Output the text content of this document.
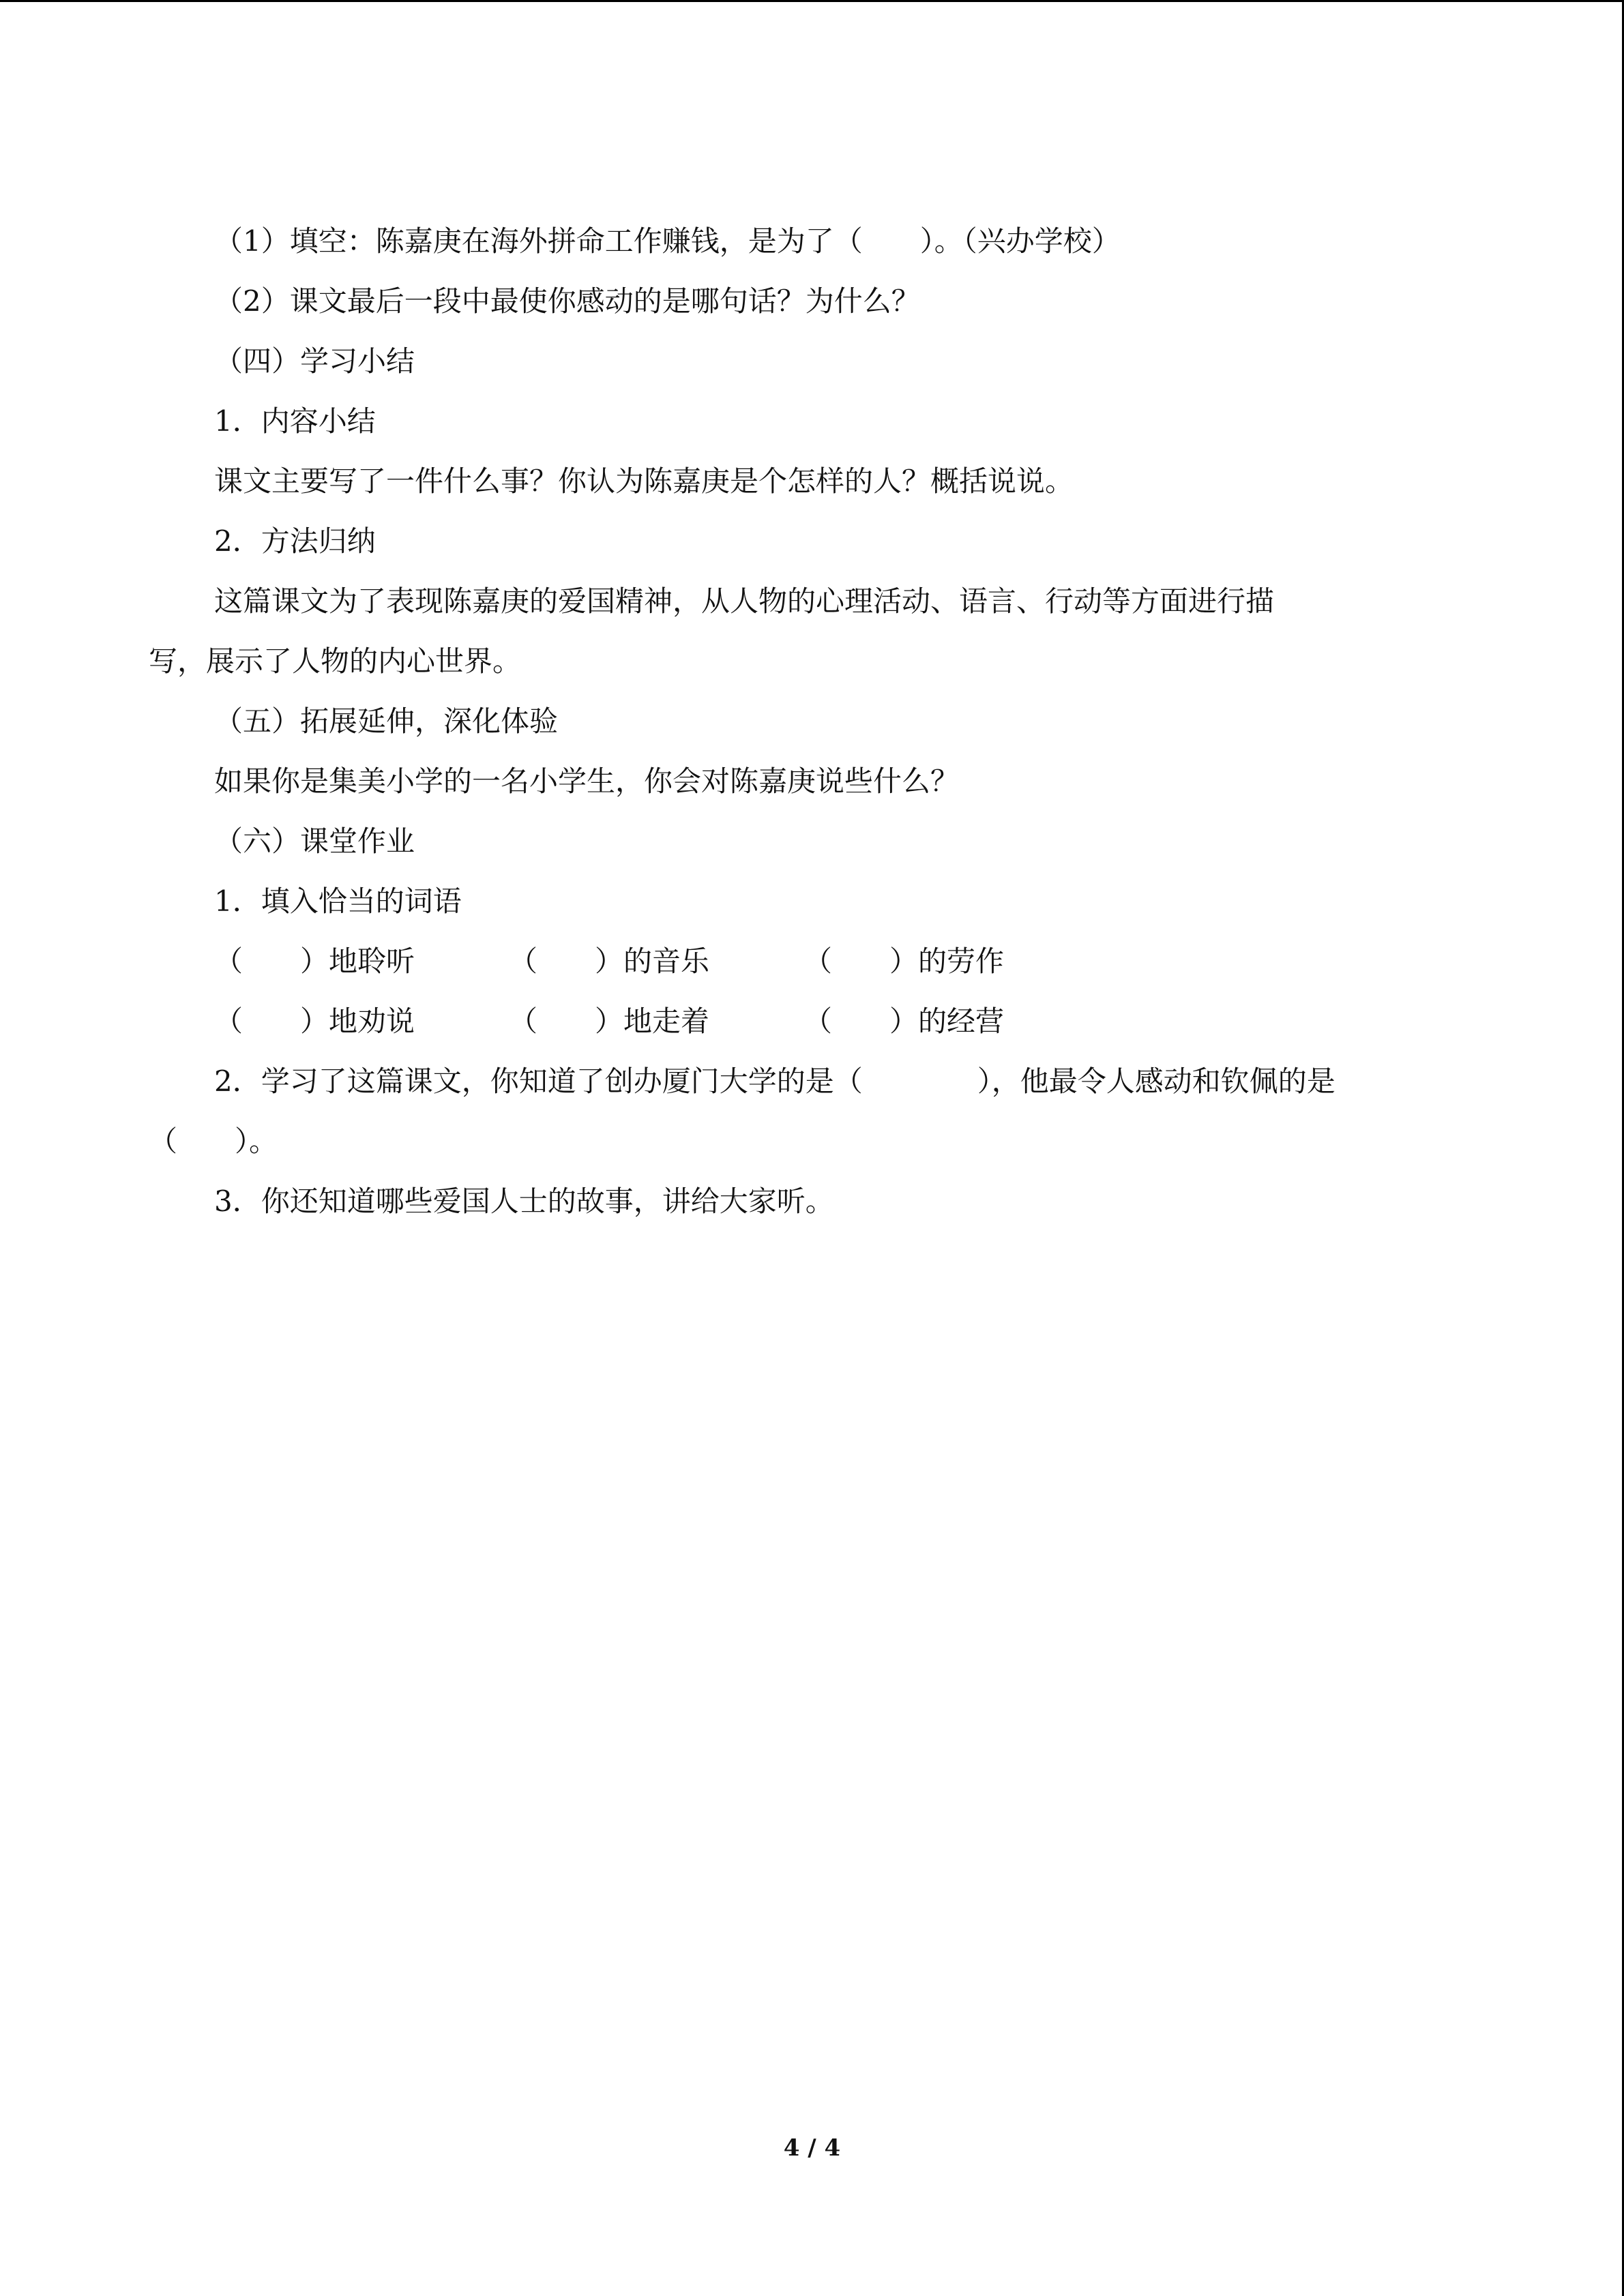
（1）填空：陈嘉庚在海外拼命工作赚钱，是为了（　　）。（兴办学校）
（2）课文最后一段中最使你感动的是哪句话？为什么？
（四）学习小结
1．内容小结
课文主要写了一件什么事？你认为陈嘉庚是个怎样的人？概括说说。
2．方法归纳
这篇课文为了表现陈嘉庚的爱国精神，从人物的心理活动、语言、行动等方面进行描
写，展示了人物的内心世界。
（五）拓展延伸，深化体验
如果你是集美小学的一名小学生，你会对陈嘉庚说些什么？
（六）课堂作业
1．填入恰当的词语
（　　）地聆听	（　　）的音乐	（　　）的劳作
（　　）地劝说	（　　）地走着	（　　）的经营
2．学习了这篇课文，你知道了创办厦门大学的是（　　　　），他最令人感动和钦佩的是
（　　）。
3．你还知道哪些爱国人士的故事，讲给大家听。
4 / 4
